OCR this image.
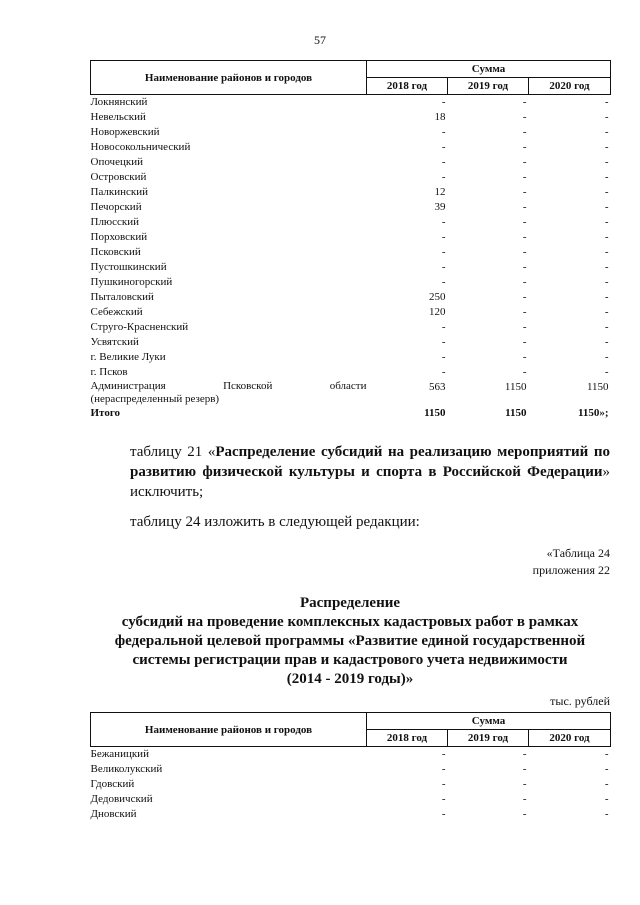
57
Наименование районов и городов	Сумма		
	2018 год	2019 год	2020 год
Локнянский	-	-	-
Невельский	18	-	-
Новоржевский	-	-	-
Новосокольнический	-	-	-
Опочецкий	-	-	-
Островский	-	-	-
Палкинский	12	-	-
Печорский	39	-	-
Плюсский	-	-	-
Порховский	-	-	-
Псковский	-	-	-
Пустошкинский	-	-	-
Пушкиногорский	-	-	-
Пыталовский	250	-	-
Себежский	120	-	-
Струго-Красненский	-	-	-
Усвятский	-	-	-
г. Великие Луки	-	-	-
г. Псков	-	-	-

Администрация Псковской области
(нераспределенный резерв)	563	1150	1150
Итого	1150	1150	1150»;
таблицу 21 «Распределение субсидий на реализацию мероприятий по развитию физической культуры и спорта в Российской Федерации» исключить;
таблицу 24 изложить в следующей редакции:
«Таблица 24
приложения 22
Распределение
субсидий на проведение комплексных кадастровых работ в рамках
федеральной целевой программы «Развитие единой государственной
системы регистрации прав и кадастрового учета недвижимости
(2014 - 2019 годы)»
тыс. рублей
Наименование районов и городов	Сумма		
	2018 год	2019 год	2020 год
Бежаницкий	-	-	-
Великолукский	-	-	-
Гдовский	-	-	-
Дедовичский	-	-	-
Дновский	-	-	-
